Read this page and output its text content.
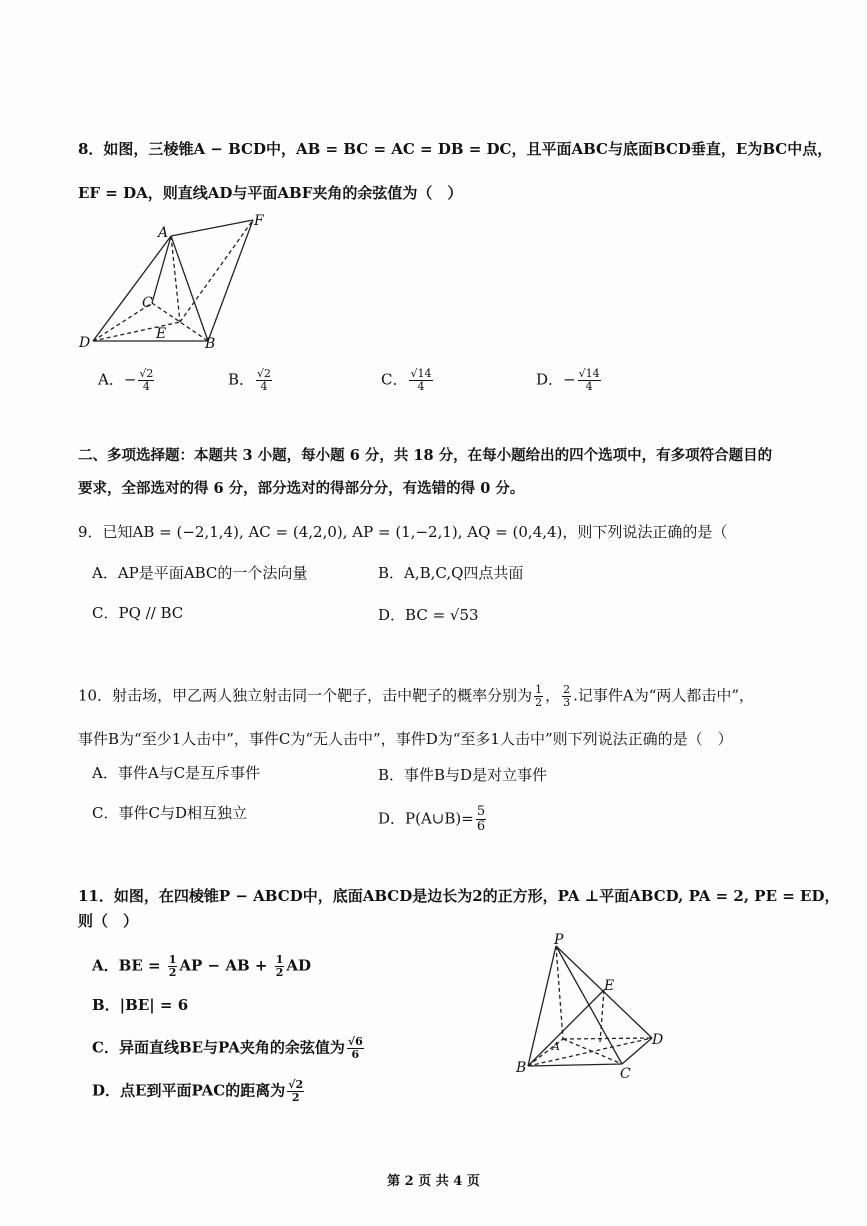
8．如图，三棱锥A − BCD中，AB = BC = AC = DB = DC，且平面ABC与底面BCD垂直，E为BC中点，
EF = DA，则直线AD与平面ABF夹角的余弦值为（　）
A
F
C
E
D	B
A．− $\frac{√2}{4}$	B． $\frac{√2}{4}$	C． $\frac{√14}{4}$	D．− $\frac{√14}{4}$
二、多项选择题：本题共 3 小题，每小题 6 分，共 18 分，在每小题给出的四个选项中，有多项符合题目的
要求，全部选对的得 6 分，部分选对的得部分分，有选错的得 0 分。
9．已知AB = (−2,1,4), AC = (4,2,0), AP = (1,−2,1), AQ = (0,4,4)，则下列说法正确的是（
A．AP是平面ABC的一个法向量	B．A,B,C,Q四点共面
C．PQ // BC	D．BC = √53
10．射击场，甲乙两人独立射击同一个靶子，击中靶子的概率分别为 $\frac{1}{2}$ ， $\frac{2}{3}$ .记事件A为“两人都击中”，
事件B为“至少1人击中”，事件C为“无人击中”，事件D为“至多1人击中”则下列说法正确的是（　）
A．事件A与C是互斥事件	B．事件B与D是对立事件
C．事件C与D相互独立	D．P(A∪B)= $\frac{5}{6}$
11．如图，在四棱锥P − ABCD中，底面ABCD是边长为2的正方形，PA ⊥平面ABCD, PA = 2, PE = ED，
则（　）
A．BE = $\frac{1}{2}$ AP − AB + $\frac{1}{2}$ AD
B．|BE| = 6
C．异面直线BE与PA夹角的余弦值为 $\frac{√6}{6}$
D．点E到平面PAC的距离为 $\frac{√2}{2}$
P
E
D
A
B	C
第 2 页 共 4 页
